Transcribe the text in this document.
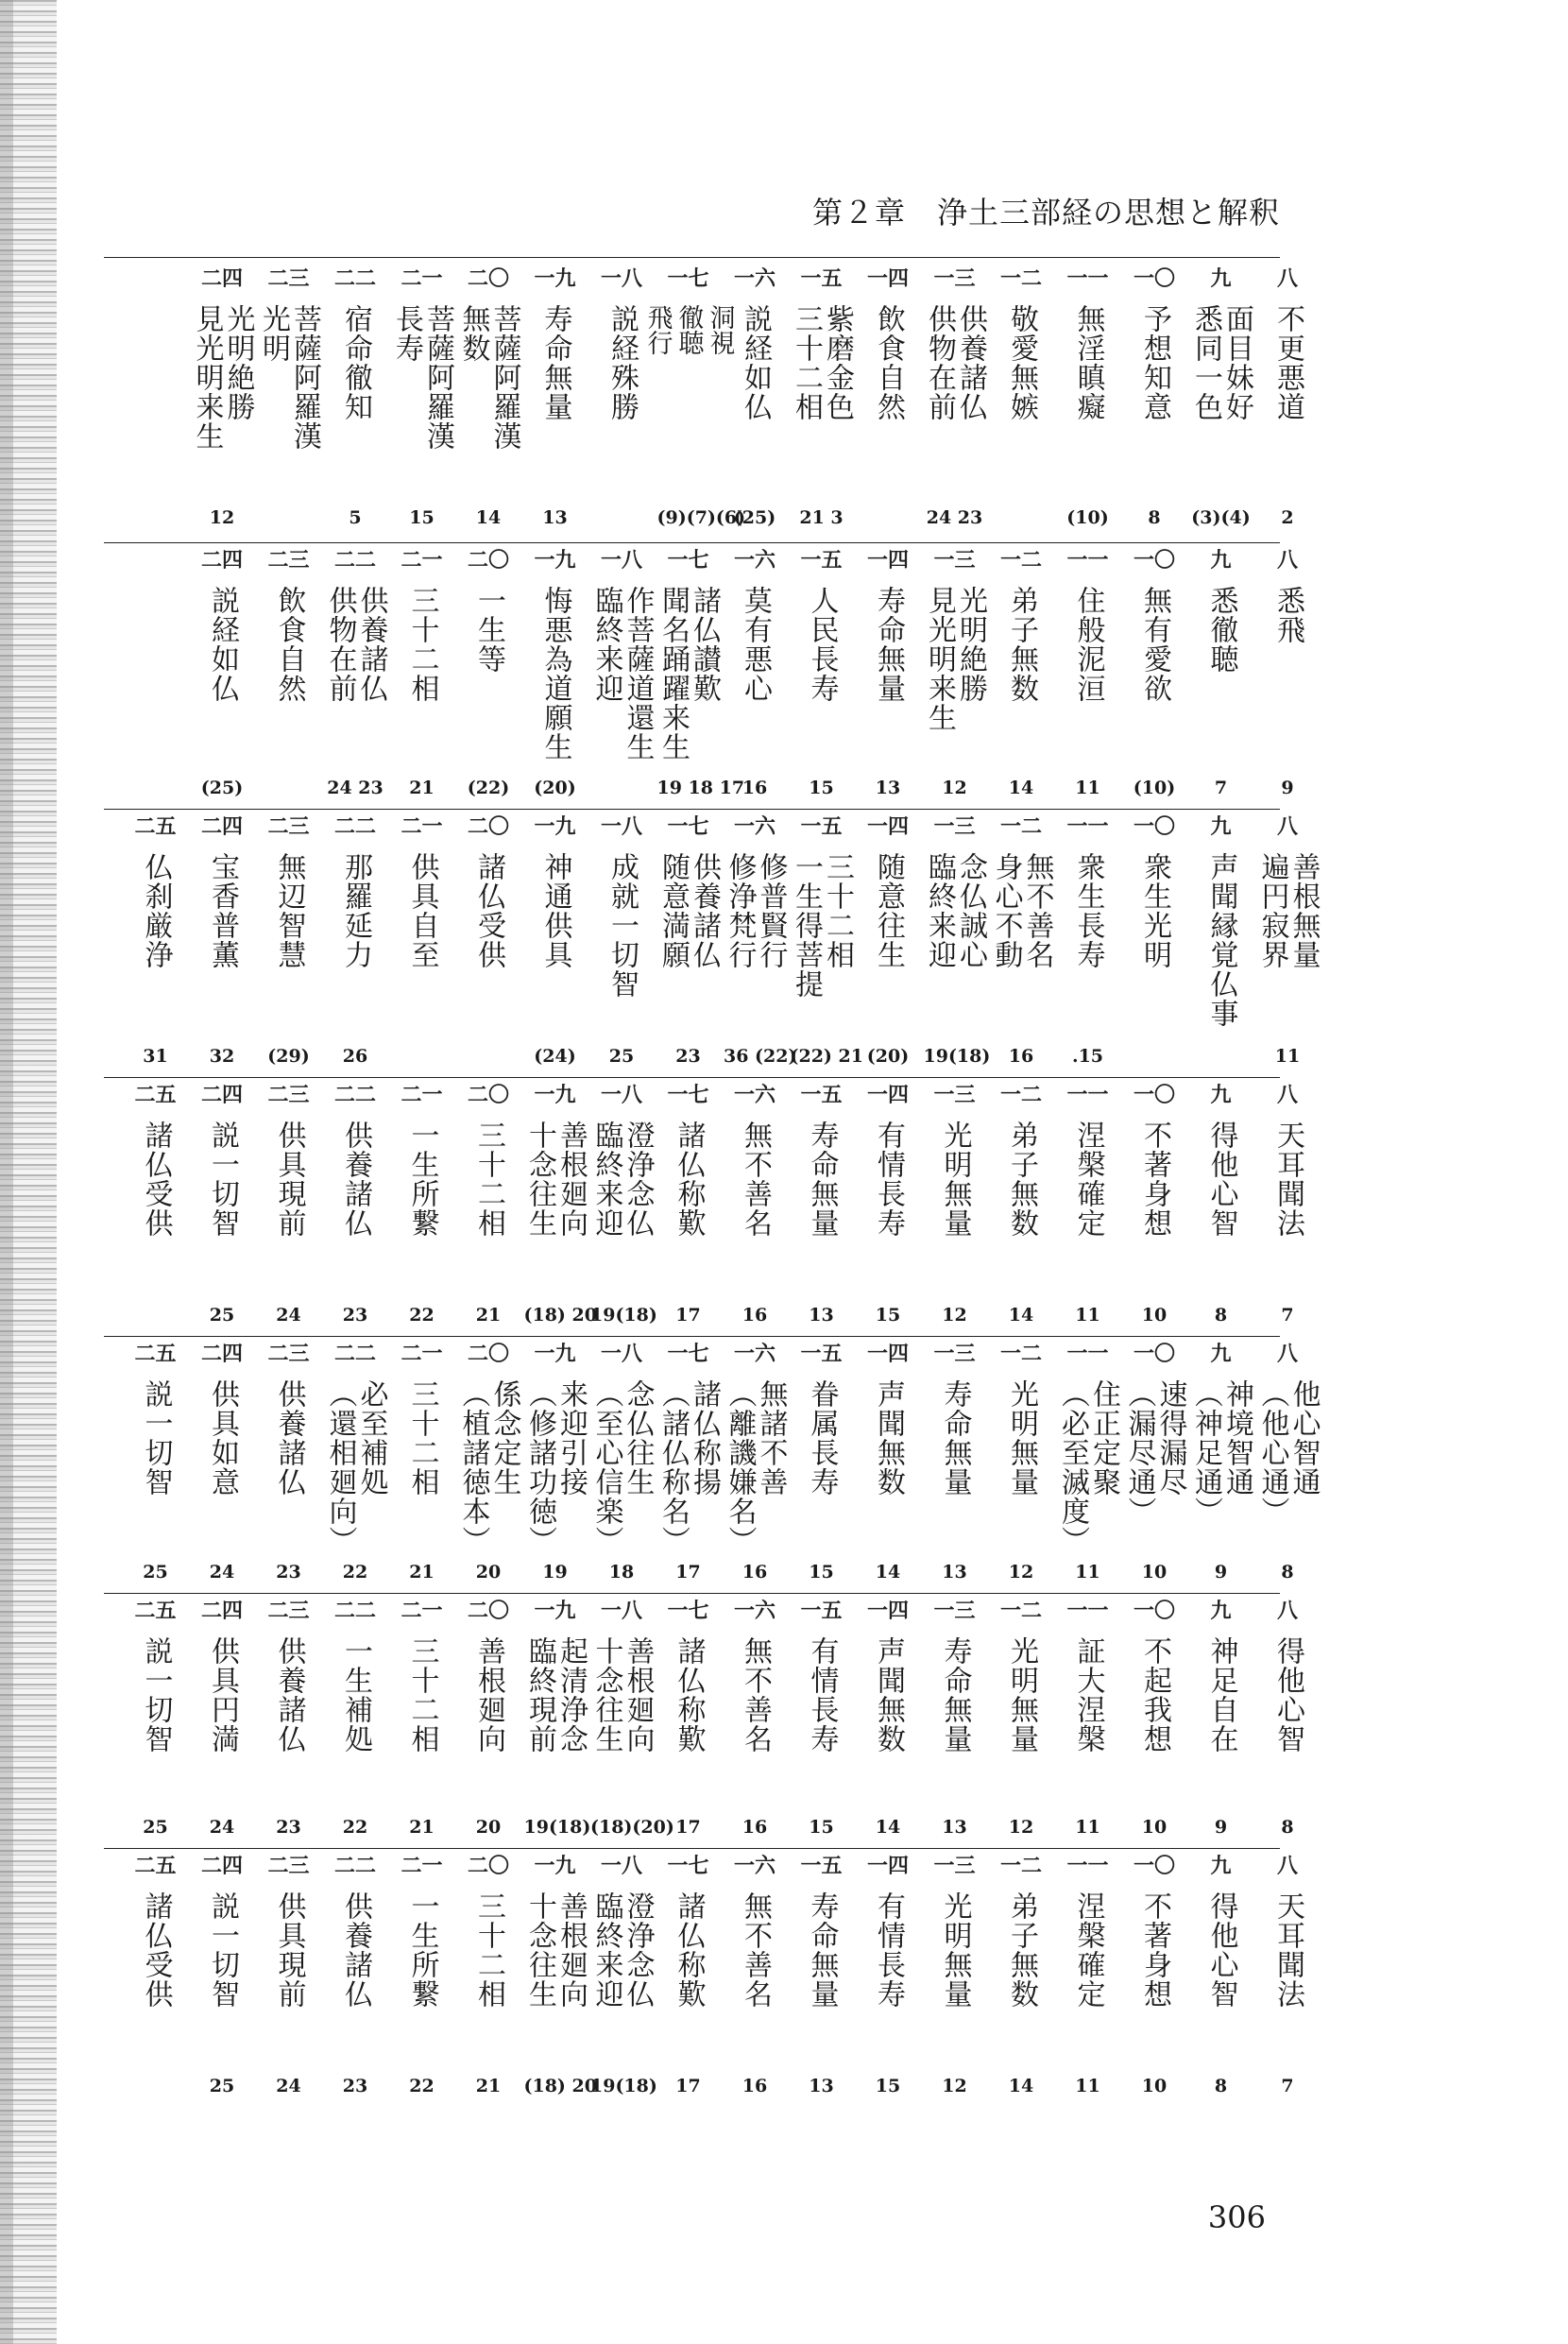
第２章　浄土三部経の思想と解釈
八
不更悪道
2
九
面目妹好
悉同一色
(3)(4)
一〇
予想知意
8
一一
無淫瞋癡
(10)
一二
敬愛無嫉
一三
供養諸仏
供物在前
24 23
一四
飲食自然
一五
紫磨金色
三十二相
21 3
一六
説経如仏
(25)
一七
洞視
徹聴
飛行
(9)(7)(6)
一八
説経殊勝
一九
寿命無量
13
二〇
菩薩阿羅漢
無数
14
二一
菩薩阿羅漢
長寿
15
二二
宿命徹知
5
二三
菩薩阿羅漢
光明
二四
光明絶勝
見光明来生
12
八
悉飛
9
九
悉徹聴
7
一〇
無有愛欲
(10)
一一
住般泥洹
11
一二
弟子無数
14
一三
光明絶勝
見光明来生
12
一四
寿命無量
13
一五
人民長寿
15
一六
莫有悪心
16
一七
諸仏讃歎
聞名踊躍来生
19 18 17
一八
作菩薩道還生
臨終来迎
一九
悔悪為道願生
(20)
二〇
一生等
(22)
二一
三十二相
21
二二
供養諸仏
供物在前
24 23
二三
飲食自然
二四
説経如仏
(25)
八
善根無量
遍円寂界
11
九
声聞縁覚仏事
一〇
衆生光明
一一
衆生長寿
.15
一二
無不善名
身心不動
16
一三
念仏誠心
臨終来迎
19(18)
一四
随意往生
(20)
一五
三十二相
一生得菩提
(22) 21
一六
修普賢行
修浄梵行
36 (22)
一七
供養諸仏
随意満願
23
一八
成就一切智
25
一九
神通供具
(24)
二〇
諸仏受供
二一
供具自至
二二
那羅延力
26
二三
無辺智慧
(29)
二四
宝香普薫
32
二五
仏刹厳浄
31
八
天耳聞法
7
九
得他心智
8
一〇
不著身想
10
一一
涅槃確定
11
一二
弟子無数
14
一三
光明無量
12
一四
有情長寿
15
一五
寿命無量
13
一六
無不善名
16
一七
諸仏称歎
17
一八
澄浄念仏
臨終来迎
19(18)
一九
善根廻向
十念往生
(18) 20
二〇
三十二相
21
二一
一生所繋
22
二二
供養諸仏
23
二三
供具現前
24
二四
説一切智
25
二五
諸仏受供
八
他心智通
（他心通）
8
九
神境智通
（神足通）
9
一〇
速得漏尽
（漏尽通）
10
一一
住正定聚
（必至滅度）
11
一二
光明無量
12
一三
寿命無量
13
一四
声聞無数
14
一五
眷属長寿
15
一六
無諸不善
（離譏嫌名）
16
一七
諸仏称揚
（諸仏称名）
17
一八
念仏往生
（至心信楽）
18
一九
来迎引接
（修諸功徳）
19
二〇
係念定生
（植諸徳本）
20
二一
三十二相
21
二二
必至補処
（還相廻向）
22
二三
供養諸仏
23
二四
供具如意
24
二五
説一切智
25
八
得他心智
8
九
神足自在
9
一〇
不起我想
10
一一
証大涅槃
11
一二
光明無量
12
一三
寿命無量
13
一四
声聞無数
14
一五
有情長寿
15
一六
無不善名
16
一七
諸仏称歎
17
一八
善根廻向
十念往生
(18)(20)
一九
起清浄念
臨終現前
19(18)
二〇
善根廻向
20
二一
三十二相
21
二二
一生補処
22
二三
供養諸仏
23
二四
供具円満
24
二五
説一切智
25
八
天耳聞法
7
九
得他心智
8
一〇
不著身想
10
一一
涅槃確定
11
一二
弟子無数
14
一三
光明無量
12
一四
有情長寿
15
一五
寿命無量
13
一六
無不善名
16
一七
諸仏称歎
17
一八
澄浄念仏
臨終来迎
19(18)
一九
善根廻向
十念往生
(18) 20
二〇
三十二相
21
二一
一生所繋
22
二二
供養諸仏
23
二三
供具現前
24
二四
説一切智
25
二五
諸仏受供
306
